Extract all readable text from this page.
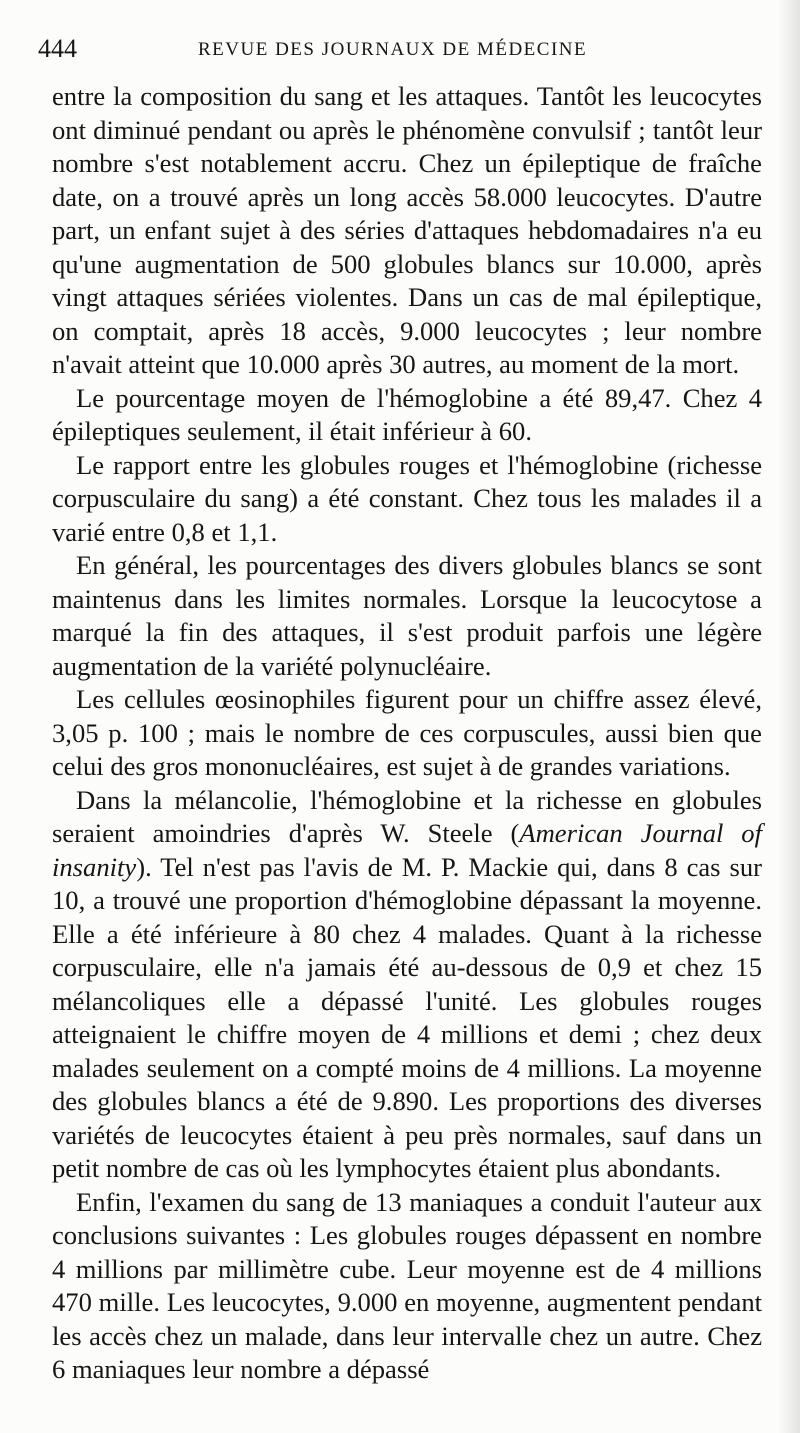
444	REVUE DES JOURNAUX DE MÉDECINE

entre la composition du sang et les attaques. Tantôt les leucocytes ont diminué pendant ou après le phénomène convulsif ; tantôt leur nombre s'est notablement accru. Chez un épileptique de fraîche date, on a trouvé après un long accès 58.000 leucocytes. D'autre part, un enfant sujet à des séries d'attaques hebdomadaires n'a eu qu'une augmentation de 500 globules blancs sur 10.000, après vingt attaques sériées violentes. Dans un cas de mal épileptique, on comptait, après 18 accès, 9.000 leucocytes ; leur nombre n'avait atteint que 10.000 après 30 autres, au moment de la mort.

Le pourcentage moyen de l'hémoglobine a été 89,47. Chez 4 épileptiques seulement, il était inférieur à 60.

Le rapport entre les globules rouges et l'hémoglobine (richesse corpusculaire du sang) a été constant. Chez tous les malades il a varié entre 0,8 et 1,1.

En général, les pourcentages des divers globules blancs se sont maintenus dans les limites normales. Lorsque la leucocytose a marqué la fin des attaques, il s'est produit parfois une légère augmentation de la variété polynucléaire.

Les cellules œosinophiles figurent pour un chiffre assez élevé, 3,05 p. 100 ; mais le nombre de ces corpuscules, aussi bien que celui des gros mononucléaires, est sujet à de grandes variations.

Dans la mélancolie, l'hémoglobine et la richesse en globules seraient amoindries d'après W. Steele (American Journal of insanity). Tel n'est pas l'avis de M. P. Mackie qui, dans 8 cas sur 10, a trouvé une proportion d'hémoglobine dépassant la moyenne. Elle a été inférieure à 80 chez 4 malades. Quant à la richesse corpusculaire, elle n'a jamais été au-dessous de 0,9 et chez 15 mélancoliques elle a dépassé l'unité. Les globules rouges atteignaient le chiffre moyen de 4 millions et demi ; chez deux malades seulement on a compté moins de 4 millions. La moyenne des globules blancs a été de 9.890. Les proportions des diverses variétés de leucocytes étaient à peu près normales, sauf dans un petit nombre de cas où les lymphocytes étaient plus abondants.

Enfin, l'examen du sang de 13 maniaques a conduit l'auteur aux conclusions suivantes : Les globules rouges dépassent en nombre 4 millions par millimètre cube. Leur moyenne est de 4 millions 470 mille. Les leucocytes, 9.000 en moyenne, augmentent pendant les accès chez un malade, dans leur intervalle chez un autre. Chez 6 maniaques leur nombre a dépassé
